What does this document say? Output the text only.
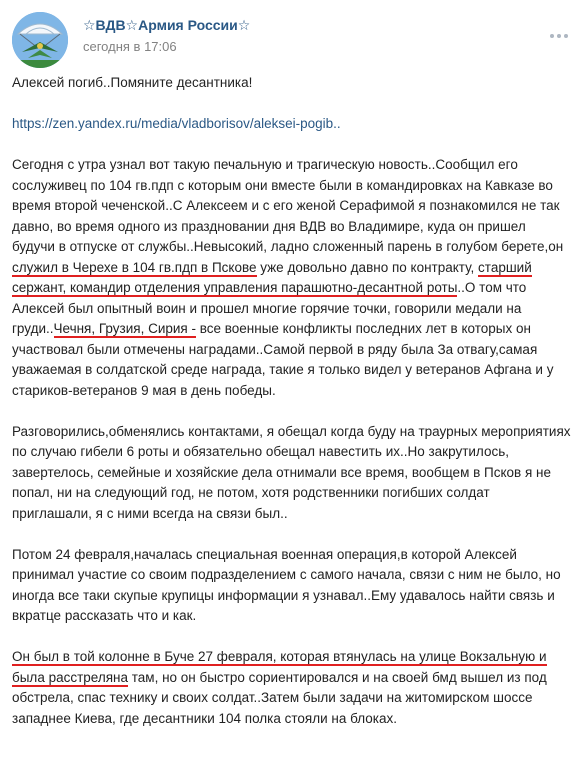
☆ВДВ☆Армия России☆
сегодня в 17:06
Алексей погиб..Помяните десантника!
https://zen.yandex.ru/media/vladborisov/aleksei-pogib..
Сегодня с утра узнал вот такую печальную и трагическую новость..Сообщил его сослуживец по 104 гв.пдп с которым они вместе были в командировках на Кавказе во время второй чеченской..С Алексеем и с его женой Серафимой я познакомился не так давно, во время одного из праздновании дня ВДВ во Владимире, куда он пришел будучи в отпуске от службы..Невысокий, ладно сложенный парень в голубом берете,он служил в Черехе в 104 гв.пдп в Пскове уже довольно давно по контракту, старший сержант, командир отделения управления парашютно-десантной роты..О том что Алексей был опытный воин и прошел многие горячие точки, говорили медали на груди..Чечня, Грузия, Сирия - все военные конфликты последних лет в которых он участвовал были отмечены наградами..Самой первой в ряду была За отвагу,самая уважаемая в солдатской среде награда, такие я только видел у ветеранов Афгана и у стариков-ветеранов 9 мая в день победы.
Разговорились,обменялись контактами, я обещал когда буду на траурных мероприятиях по случаю гибели 6 роты и обязательно обещал навестить их..Но закрутилось, завертелось, семейные и хозяйские дела отнимали все время, вообщем в Псков я не попал, ни на следующий год, не потом, хотя родственники погибших солдат приглашали, я с ними всегда на связи был..
Потом 24 февраля,началась специальная военная операция,в которой Алексей принимал участие со своим подразделением с самого начала, связи с ним не было, но иногда все таки скупые крупицы информации я узнавал..Ему удавалось найти связь и вкратце рассказать что и как.
Он был в той колонне в Буче 27 февраля, которая втянулась на улице Вокзальную и была расстреляна там, но он быстро сориентировался и на своей бмд вышел из под обстрела, спас технику и своих солдат..Затем были задачи на житомирском шоссе западнее Киева, где десантники 104 полка стояли на блоках.
